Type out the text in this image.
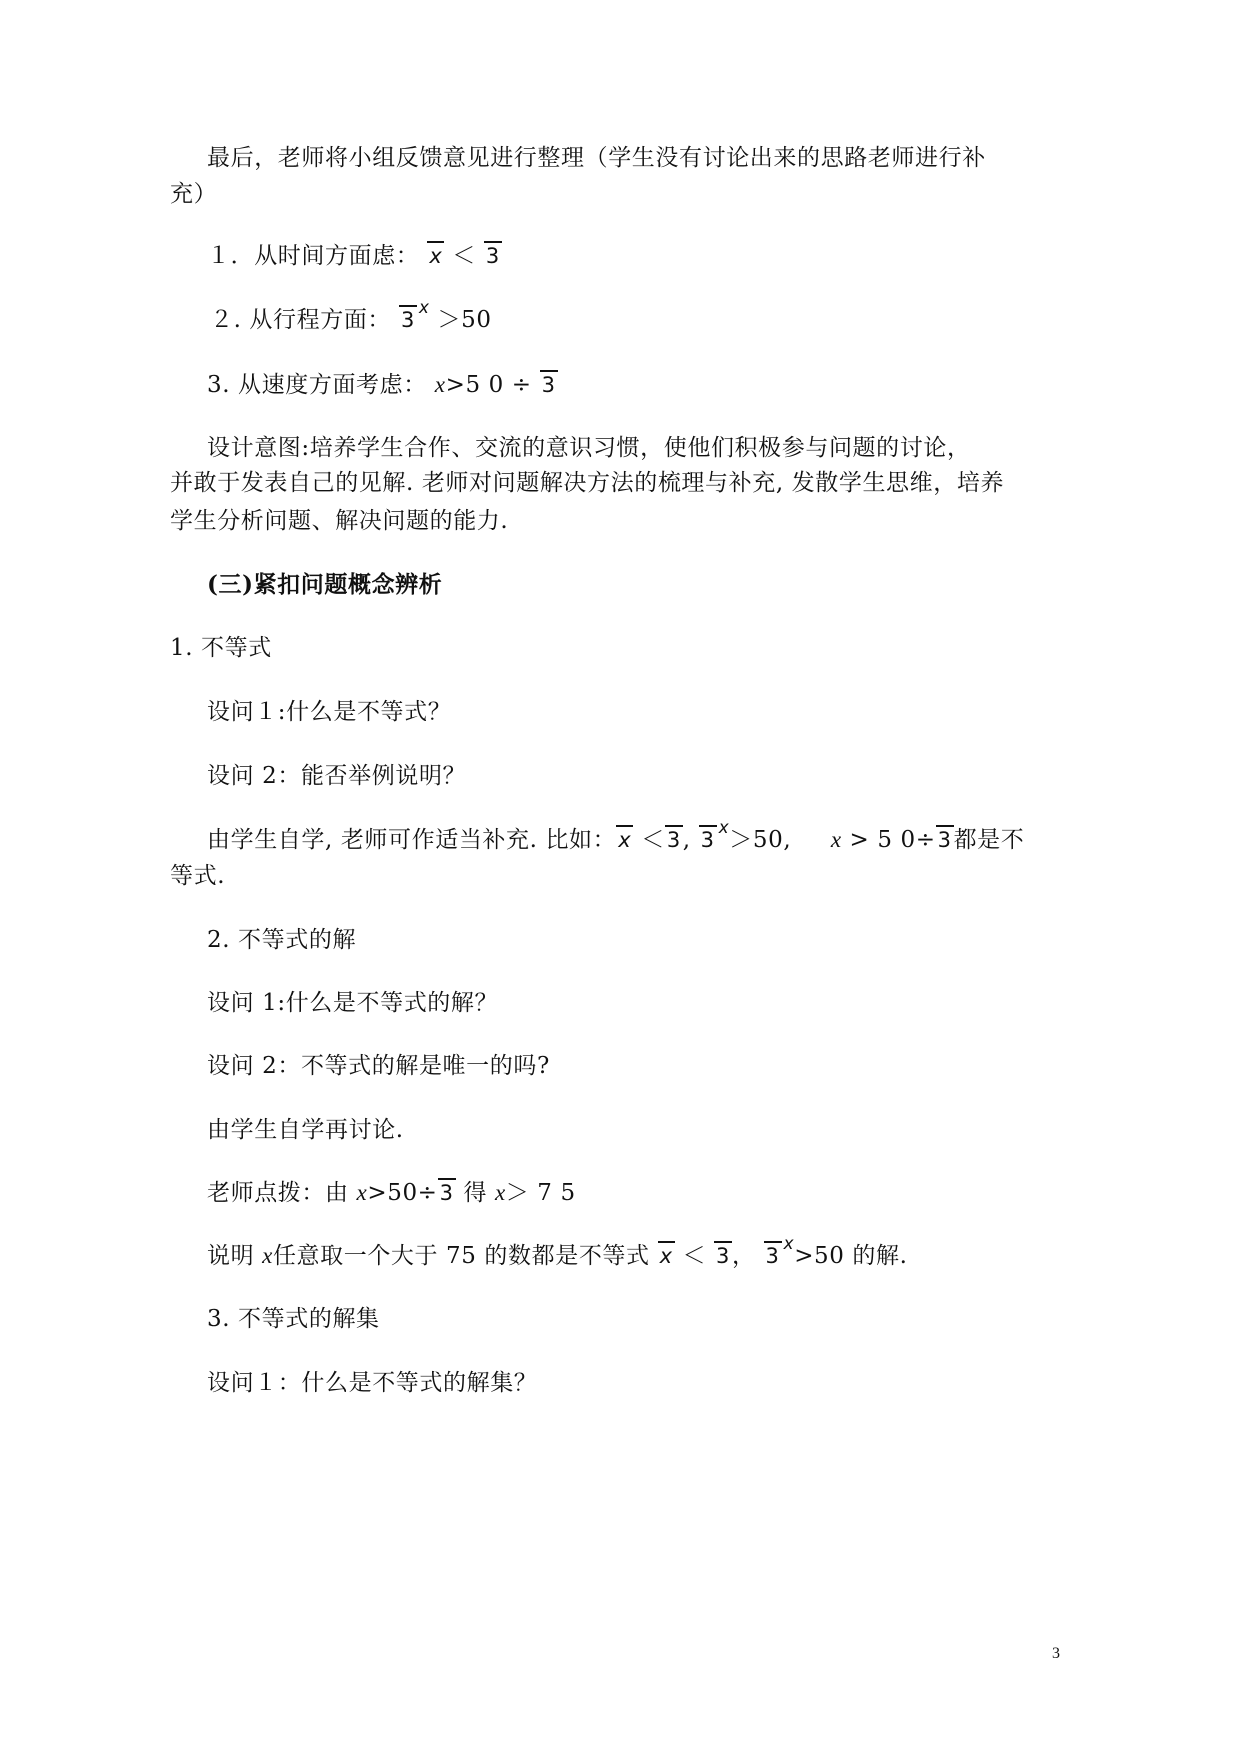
最后，老师将小组反馈意见进行整理（学生没有讨论出来的思路老师进行补
充）
１．从时间方面虑： x ＜ 3
２. 从行程方面： 3 $^x$ ＞50
3. 从速度方面考虑： x>5 0 ÷ 3
设计意图:培养学生合作、交流的意识习惯，使他们积极参与问题的讨论，
并敢于发表自己的见解. 老师对问题解决方法的梳理与补充, 发散学生思维，培养
学生分析问题、解决问题的能力.
(三)紧扣问题概念辨析
1. 不等式
设问１:什么是不等式？
设问 2：能否举例说明？
由学生自学, 老师可作适当补充. 比如：x ＜3, 3 $^x$＞50, x > 5 0÷3都是不
等式.
2. 不等式的解
设问 1:什么是不等式的解？
设问 2：不等式的解是唯一的吗?
由学生自学再讨论.
老师点拨：由 x>50÷3 得 x＞ 7 5
说明 x任意取一个大于 75 的数都是不等式 x ＜ 3， 3 $^x$>50 的解.
3. 不等式的解集
设问１：什么是不等式的解集？
3
